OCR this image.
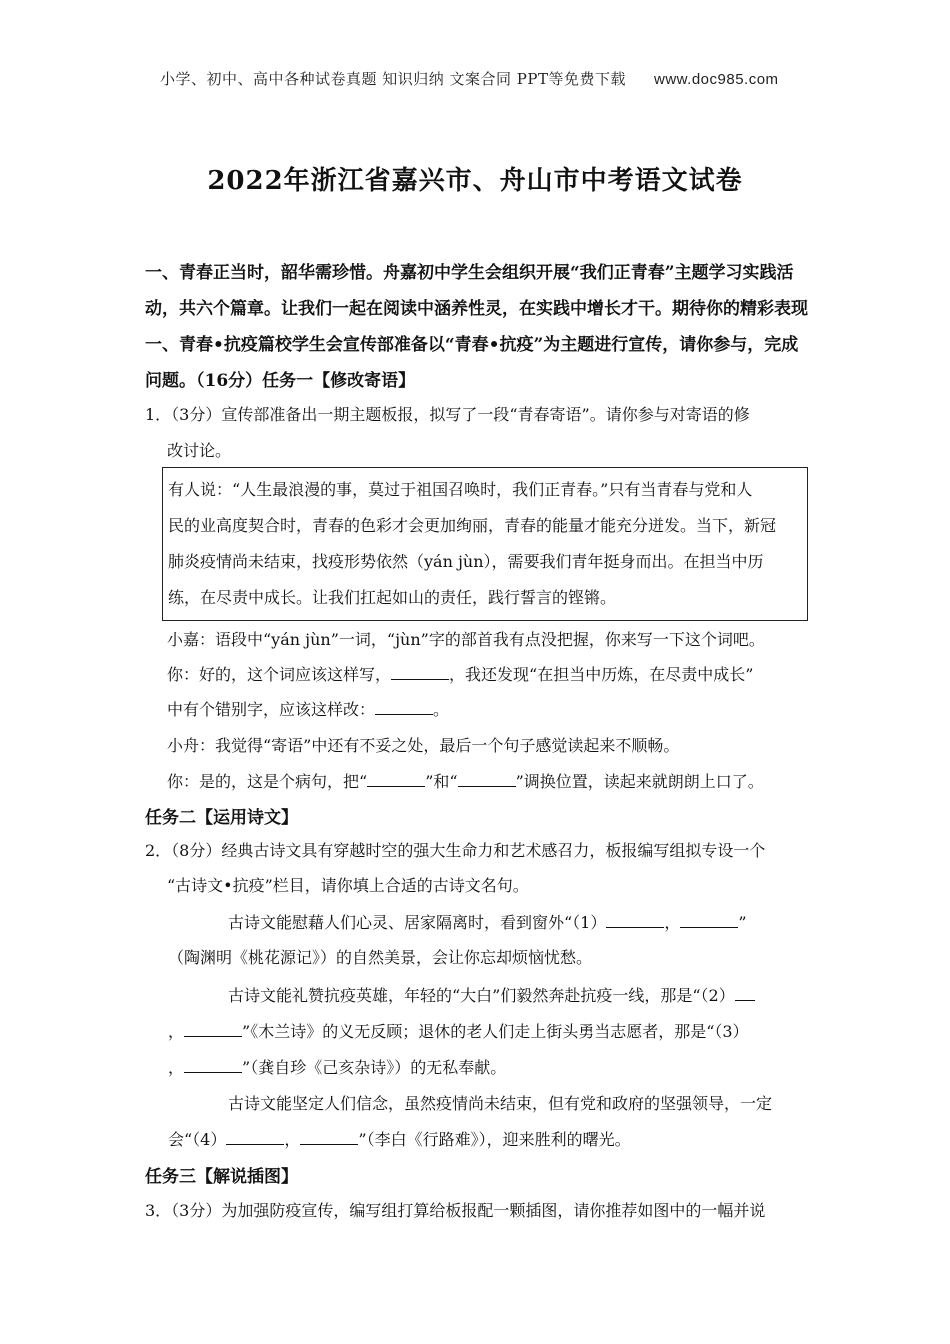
小学、初中、高中各种试卷真题 知识归纳 文案合同 PPT等免费下载 www.doc985.com
2022年浙江省嘉兴市、舟山市中考语文试卷
一、青春正当时，韶华需珍惜。舟嘉初中学生会组织开展“我们正青春”主题学习实践活
动，共六个篇章。让我们一起在阅读中涵养性灵，在实践中增长才干。期待你的精彩表现
一、青春•抗疫篇校学生会宣传部准备以“青春•抗疫”为主题进行宣传，请你参与，完成
问题。（16分）任务一【修改寄语】
1．（3分）宣传部准备出一期主题板报，拟写了一段“青春寄语”。请你参与对寄语的修
改讨论。
有人说：“人生最浪漫的事，莫过于祖国召唤时，我们正青春。”只有当青春与党和人
民的业高度契合时，青春的色彩才会更加绚丽，青春的能量才能充分迸发。当下，新冠
肺炎疫情尚未结束，找疫形势依然（yán jùn），需要我们青年挺身而出。在担当中历
练，在尽责中成长。让我们扛起如山的责任，践行誓言的铿锵。
小嘉：语段中“yán jùn”一词，“jùn”字的部首我有点没把握，你来写一下这个词吧。
你：好的，这个词应该这样写，	，我还发现“在担当中历炼，在尽责中成长”
中有个错别字，应该这样改：	。
小舟：我觉得“寄语”中还有不妥之处，最后一个句子感觉读起来不顺畅。
你：是的，这是个病句，把“	”和“	”调换位置，读起来就朗朗上口了。
任务二【运用诗文】
2．（8分）经典古诗文具有穿越时空的强大生命力和艺术感召力，板报编写组拟专设一个
“古诗文•抗疫”栏目，请你填上合适的古诗文名句。
古诗文能慰藉人们心灵、居家隔离时，看到窗外“（1）	，	”
（陶渊明《桃花源记》）的自然美景，会让你忘却烦恼忧愁。
古诗文能礼赞抗疫英雄，年轻的“大白”们毅然奔赴抗疫一线，那是“（2）
，	”《木兰诗》的义无反顾；退休的老人们走上街头勇当志愿者，那是“（3）
，	”（龚自珍《己亥杂诗》）的无私奉献。
古诗文能坚定人们信念，虽然疫情尚未结束，但有党和政府的坚强领导，一定
会“（4）	，	”（李白《行路难》），迎来胜利的曙光。
任务三【解说插图】
3．（3分）为加强防疫宣传，编写组打算给板报配一颗插图，请你推荐如图中的一幅并说
